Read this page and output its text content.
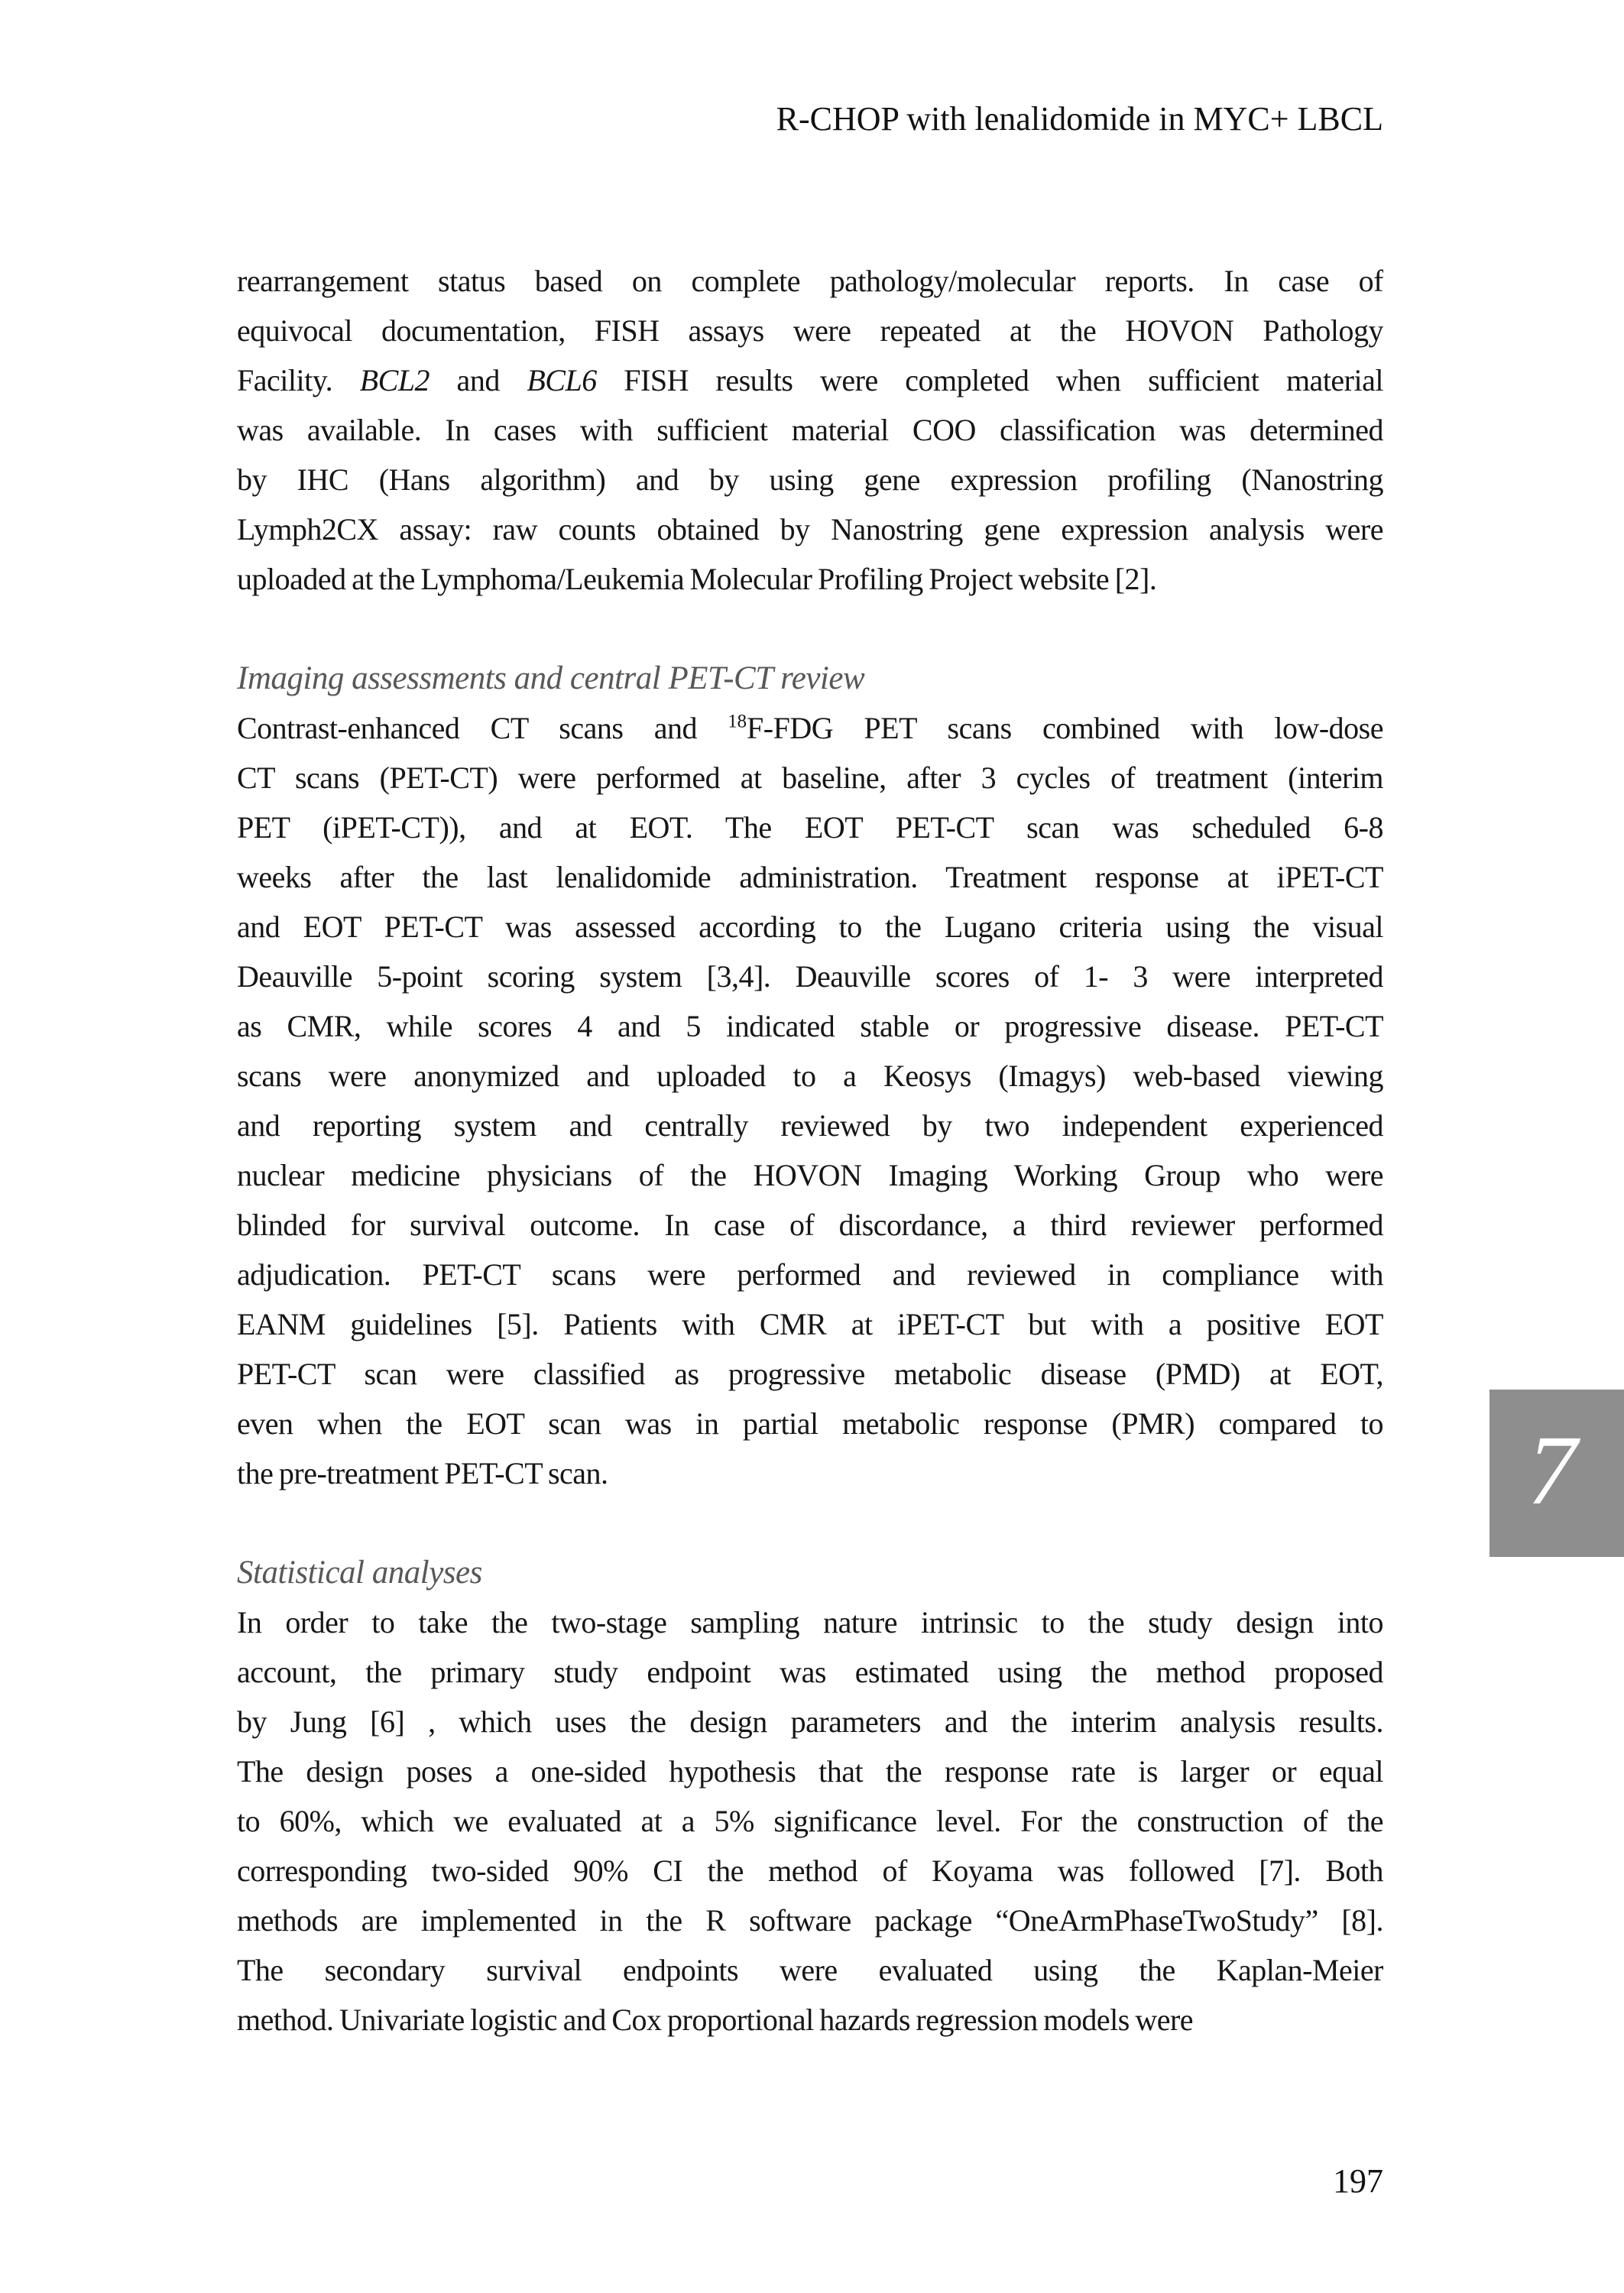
R-CHOP with lenalidomide in MYC+ LBCL
rearrangement status based on complete pathology/molecular reports. In case of
equivocal documentation, FISH assays were repeated at the HOVON Pathology
Facility. BCL2 and BCL6 FISH results were completed when sufficient material
was available. In cases with sufficient material COO classification was determined
by IHC (Hans algorithm) and by using gene expression profiling (Nanostring
Lymph2CX assay: raw counts obtained by Nanostring gene expression analysis were
uploaded at the Lymphoma/Leukemia Molecular Profiling Project website [2].
Imaging assessments and central PET-CT review
Contrast-enhanced CT scans and $^{18}$F-FDG PET scans combined with low-dose
CT scans (PET-CT) were performed at baseline, after 3 cycles of treatment (interim
PET (iPET-CT)), and at EOT. The EOT PET-CT scan was scheduled 6-8
weeks after the last lenalidomide administration. Treatment response at iPET-CT
and EOT PET-CT was assessed according to the Lugano criteria using the visual
Deauville 5-point scoring system [3,4]. Deauville scores of 1- 3 were interpreted
as CMR, while scores 4 and 5 indicated stable or progressive disease. PET-CT
scans were anonymized and uploaded to a Keosys (Imagys) web-based viewing
and reporting system and centrally reviewed by two independent experienced
nuclear medicine physicians of the HOVON Imaging Working Group who were
blinded for survival outcome. In case of discordance, a third reviewer performed
adjudication. PET-CT scans were performed and reviewed in compliance with
EANM guidelines [5]. Patients with CMR at iPET-CT but with a positive EOT
PET-CT scan were classified as progressive metabolic disease (PMD) at EOT,
even when the EOT scan was in partial metabolic response (PMR) compared to
the pre-treatment PET-CT scan.
Statistical analyses
In order to take the two-stage sampling nature intrinsic to the study design into
account, the primary study endpoint was estimated using the method proposed
by Jung [6] , which uses the design parameters and the interim analysis results.
The design poses a one-sided hypothesis that the response rate is larger or equal
to 60%, which we evaluated at a 5% significance level. For the construction of the
corresponding two-sided 90% CI the method of Koyama was followed [7]. Both
methods are implemented in the R software package “OneArmPhaseTwoStudy” [8].
The secondary survival endpoints were evaluated using the Kaplan-Meier
method. Univariate logistic and Cox proportional hazards regression models were
7
197
